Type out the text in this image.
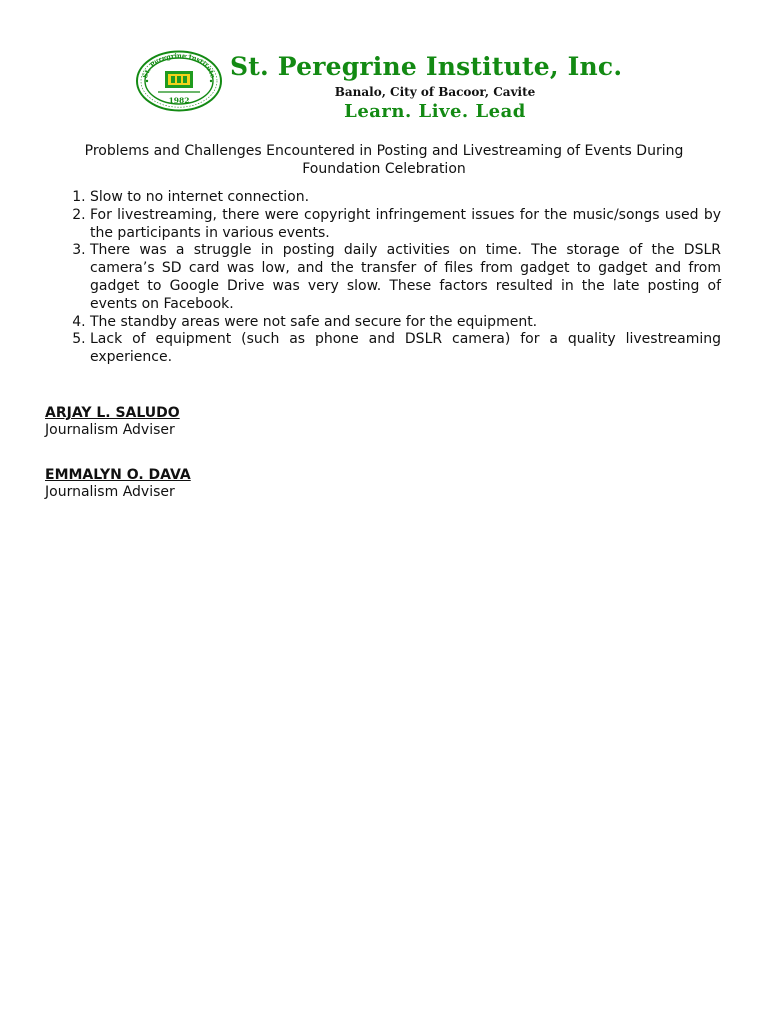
1982
St. Peregrine Institute St. Peregrine Institute, Inc.
Banalo, City of Bacoor, Cavite
Learn. Live. Lead
Problems and Challenges Encountered in Posting and Livestreaming of Events During Foundation Celebration
1. Slow to no internet connection.
2. For livestreaming, there were copyright infringement issues for the music/songs used by the participants in various events.
3. There was a struggle in posting daily activities on time. The storage of the DSLR camera’s SD card was low, and the transfer of files from gadget to gadget and from gadget to Google Drive was very slow. These factors resulted in the late posting of events on Facebook.
4. The standby areas were not safe and secure for the equipment.
5. Lack of equipment (such as phone and DSLR camera) for a quality livestreaming experience.
ARJAY L. SALUDO
Journalism Adviser
EMMALYN O. DAVA
Journalism Adviser
